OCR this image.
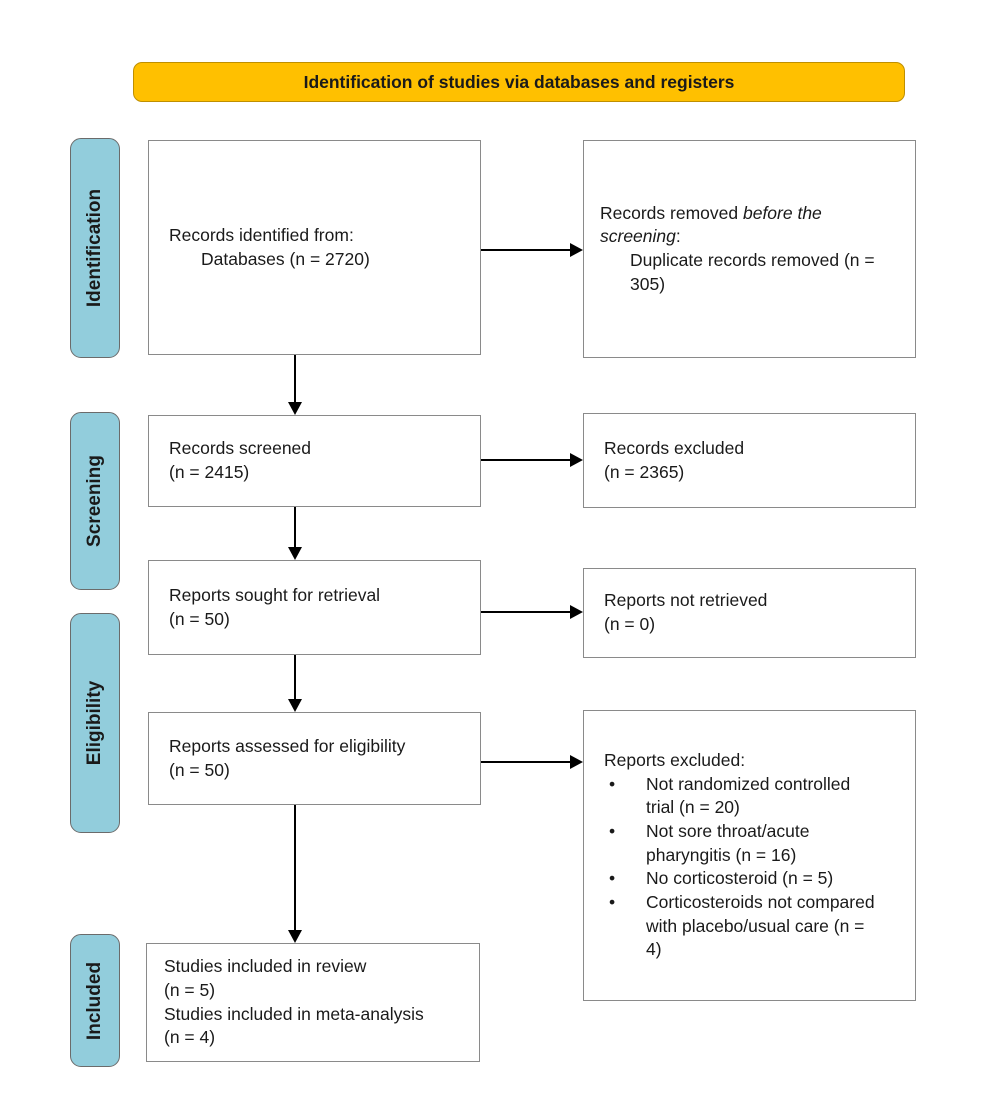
Identification of studies via databases and registers
Identification
Screening
Eligibility
Included
Records identified from:
Databases (n = 2720)
Records removed before the screening:
Duplicate records removed (n = 305)
Records screened
(n = 2415)
Records excluded
(n = 2365)
Reports sought for retrieval
(n = 50)
Reports not retrieved
(n = 0)
Reports assessed for eligibility
(n = 50)	Reports excluded:
•	Not randomized controlled trial (n = 20)
•	Not sore throat/acute pharyngitis (n = 16)
•	No corticosteroid (n = 5)
•	Corticosteroids not compared with placebo/usual care (n = 4)
Studies included in review
(n = 5)
Studies included in meta-analysis
(n = 4)
